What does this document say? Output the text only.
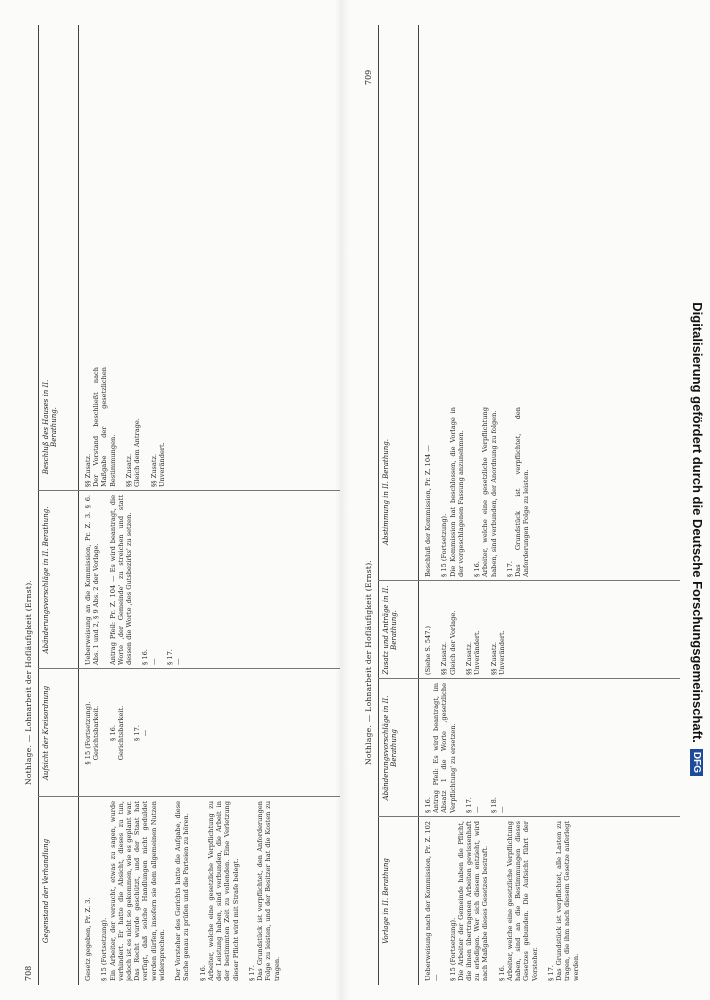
708
Nothlage. — Lohnarbeit der Hofläufigkeit (Ernst).
Gegenstand der Verhandlung
Aufsicht der Kreisordnung
Abänderungsvorschläge in II. Berathung.
Beschluß des Hauses in II. Berathung.
Gesetz gegeben, Pr. Z. 3.

§ 15 (Fortsetzung).
Ein Arbeiter, der versucht, etwas zu sagen, wurde verhindert. Er hatte die Absicht, dieses zu tun, jedoch ist es nicht so gekommen, wie es geplant war. Das Recht wurde geschützt, und der Staat hat verfügt, daß solche Handlungen nicht geduldet werden dürfen, insofern sie dem allgemeinen Nutzen widersprechen.

Der Vorsteher des Gerichts hatte die Aufgabe, diese Sache genau zu prüfen und die Parteien zu hören.

§ 16.
Arbeiter, welche eine gesetzliche Verpflichtung zu der Leistung haben, sind verbunden, die Arbeit in der bestimmten Zeit zu vollenden. Eine Verletzung dieser Pflicht wird mit Strafe belegt.

§ 17.
Das Grundstück ist verpflichtet, den Anforderungen Folge zu leisten, und der Besitzer hat die Kosten zu tragen.
§ 15 (Fortsetzung).
Gerichtsbarkeit.

§ 16.
Gerichtsbarkeit.

§ 17.
—
Ueberweisung an die Kommission, Pr. Z. 3. § 6. Abs. 1 und 2, § 9 Abs. 2 der Vorlage.

Antrag Pfeil: Pr. Z. 104 — Es wird beantragt, die Worte ‚der Gemeinde' zu streichen und statt dessen die Worte ‚des Gutsbezirks' zu setzen.

§ 16.
—

§ 17.
—
§§ Zusatz.
Der Vorstand beschließt nach Maßgabe der gesetzlichen Bestimmungen.

§§ Zusatz.
Gleich dem Antrage.

§§ Zusatz.
Unverändert.
Nothlage. — Lohnarbeit der Hofläufigkeit (Ernst).
709
Vorlage in II. Berathung
Abänderungsvorschläge in II. Berathung
Zusatz und Anträge in II. Berathung.
Abstimmung in II. Berathung.
Ueberweisung nach der Kommission, Pr. Z. 102 —

§ 15 (Fortsetzung).
Die Arbeiter der Gemeinde haben die Pflicht, die ihnen übertragenen Arbeiten gewissenhaft zu erledigen. Wer sich diesem entzieht, wird nach Maßgabe dieses Gesetzes bestraft.

§ 16.
Arbeiter, welche eine gesetzliche Verpflichtung haben, sind an die Bestimmungen dieses Gesetzes gebunden. Die Aufsicht führt der Vorsteher.

§ 17.
Das Grundstück ist verpflichtet, alle Lasten zu tragen, die ihm nach diesem Gesetze auferlegt werden.
§ 16.
Antrag Pfeil: Es wird beantragt, im Absatz 1 die Worte ‚gesetzliche Verpflichtung' zu ersetzen.

§ 17.
—

§ 18.
—
(Siehe S. 547.)

§§ Zusatz.
Gleich der Vorlage.

§§ Zusatz.
Unverändert.

§§ Zusatz.
Unverändert.
Beschluß der Kommission, Pr. Z. 104 —

§ 15 (Fortsetzung).
Die Kommission hat beschlossen, die Vorlage in der vorgeschlagenen Fassung anzunehmen.

§ 16.
Arbeiter, welche eine gesetzliche Verpflichtung haben, sind verbunden, der Anordnung zu folgen.

§ 17.
Das Grundstück ist verpflichtet, den Anforderungen Folge zu leisten.	Digitalisierung gefördert durch die Deutsche Forschungsgemeinschaft.DFG
